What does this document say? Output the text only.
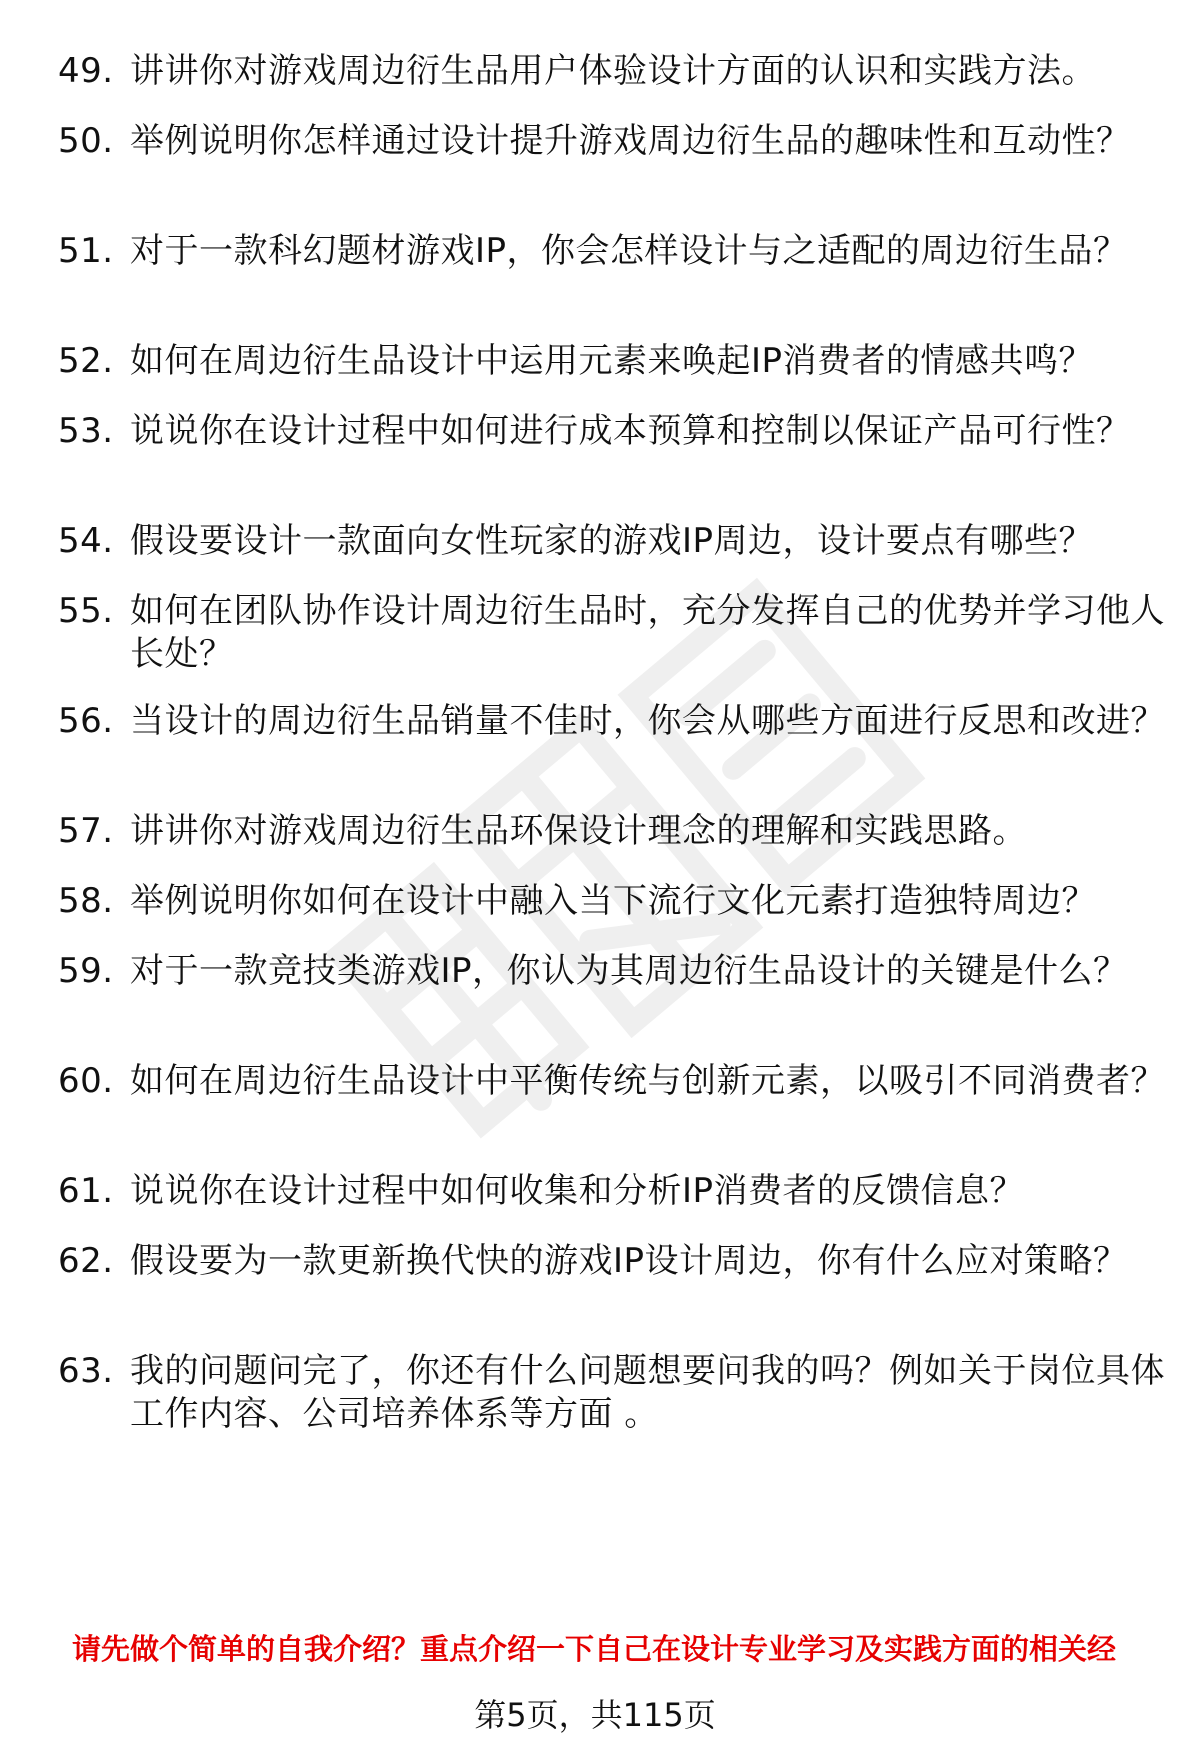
49. 讲讲你对游戏周边衍生品用户体验设计方面的认识和实践方法。
50. 举例说明你怎样通过设计提升游戏周边衍生品的趣味性和互动性？
51. 对于一款科幻题材游戏IP，你会怎样设计与之适配的周边衍生品？
52. 如何在周边衍生品设计中运用元素来唤起IP消费者的情感共鸣？
53. 说说你在设计过程中如何进行成本预算和控制以保证产品可行性？
54. 假设要设计一款面向女性玩家的游戏IP周边，设计要点有哪些？
55. 如何在团队协作设计周边衍生品时，充分发挥自己的优势并学习他人长处？
56. 当设计的周边衍生品销量不佳时，你会从哪些方面进行反思和改进？
57. 讲讲你对游戏周边衍生品环保设计理念的理解和实践思路。
58. 举例说明你如何在设计中融入当下流行文化元素打造独特周边？
59. 对于一款竞技类游戏IP，你认为其周边衍生品设计的关键是什么？
60. 如何在周边衍生品设计中平衡传统与创新元素，以吸引不同消费者？
61. 说说你在设计过程中如何收集和分析IP消费者的反馈信息？
62. 假设要为一款更新换代快的游戏IP设计周边，你有什么应对策略？
63. 我的问题问完了，你还有什么问题想要问我的吗？例如关于岗位具体工作内容、公司培养体系等方面 。
请先做个简单的自我介绍？重点介绍一下自己在设计专业学习及实践方面的相关经
第5页，共115页
